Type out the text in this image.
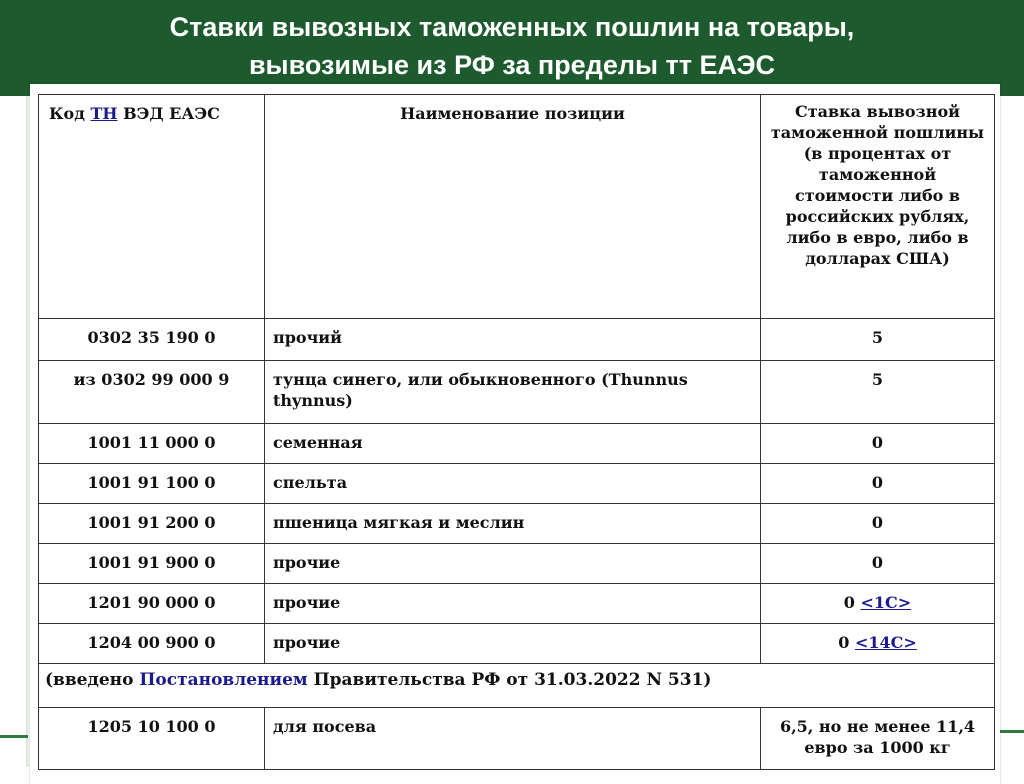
Ставки вывозных таможенных пошлин на товары,
вывозимые из РФ за пределы тт ЕАЭС
Код ТН ВЭД ЕАЭС	Наименование позиции	Ставка вывозной таможенной пошлины (в процентах от таможенной стоимости либо в российских рублях, либо в евро, либо в долларах США)
0302 35 190 0	прочий	5
из 0302 99 000 9	тунца синего, или обыкновенного (Thunnus thynnus)	5
1001 11 000 0	семенная	0
1001 91 100 0	спельта	0
1001 91 200 0	пшеница мягкая и меслин	0
1001 91 900 0	прочие	0
1201 90 000 0	прочие	0 <1С>
1204 00 900 0	прочие	0 <14С>
(введено Постановлением Правительства РФ от 31.03.2022 N 531)		
1205 10 100 0	для посева	6,5, но не менее 11,4 евро за 1000 кг
